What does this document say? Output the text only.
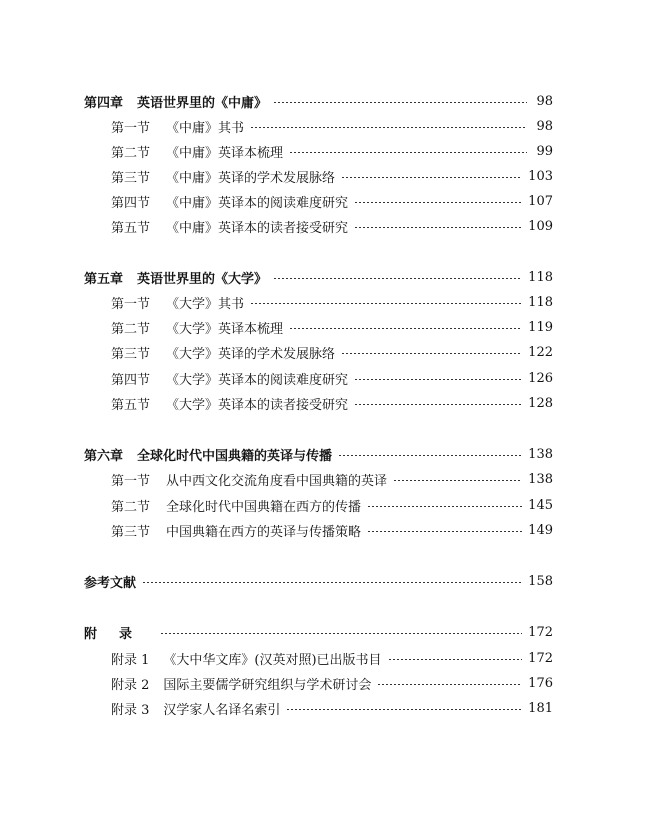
第四章 英语世界里的《中庸》	98
第一节 《中庸》其书	98
第二节 《中庸》英译本梳理	99
第三节 《中庸》英译的学术发展脉络	103
第四节 《中庸》英译本的阅读难度研究	107
第五节 《中庸》英译本的读者接受研究	109
第五章 英语世界里的《大学》	118
第一节 《大学》其书	118
第二节 《大学》英译本梳理	119
第三节 《大学》英译的学术发展脉络	122
第四节 《大学》英译本的阅读难度研究	126
第五节 《大学》英译本的读者接受研究	128
第六章 全球化时代中国典籍的英译与传播	138
第一节 从中西文化交流角度看中国典籍的英译	138
第二节 全球化时代中国典籍在西方的传播	145
第三节 中国典籍在西方的英译与传播策略	149
参考文献	158
附录	172
附录 1 《大中华文库》(汉英对照)已出版书目	172
附录 2 国际主要儒学研究组织与学术研讨会	176
附录 3 汉学家人名译名索引	181
